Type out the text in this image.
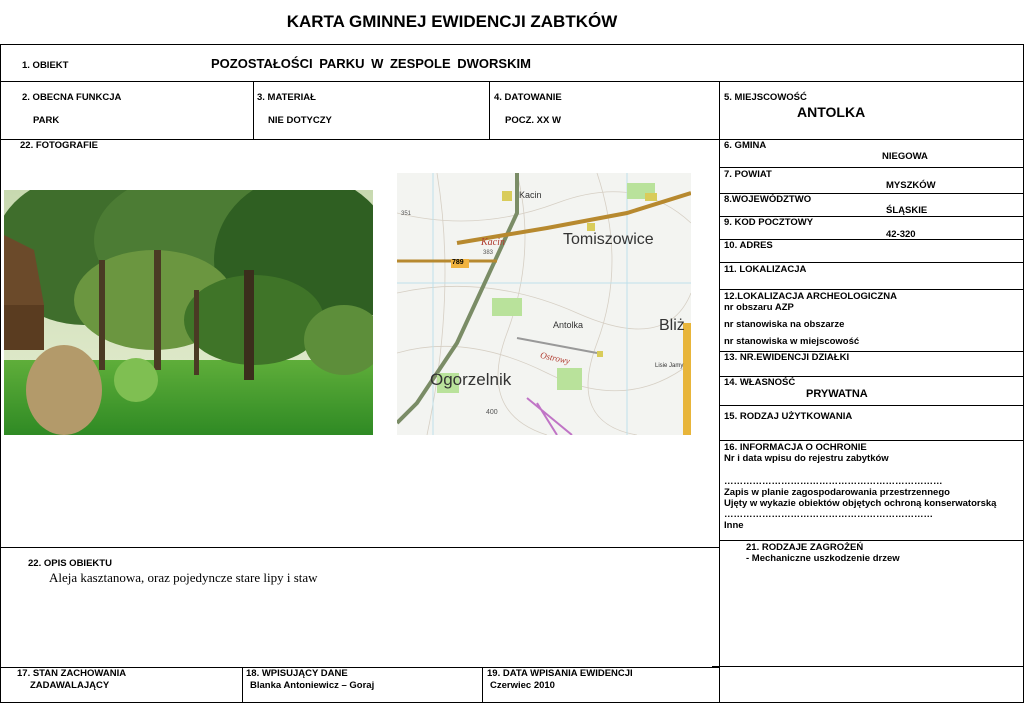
KARTA GMINNEJ EWIDENCJI ZABTKÓW
1. OBIEKT	POZOSTAŁOŚCI PARKU W ZESPOLE DWORSKIM
2. OBECNA FUNKCJA
PARK
3. MATERIAŁ
NIE DOTYCZY
4. DATOWANIE
POCZ. XX W
5. MIEJSCOWOŚĆ
ANTOLKA
22. FOTOGRAFIE
Kacin
Kacin	Tomiszowice
Antolka
Ostrowy
Ogorzelnik
Bliż
Lisie Jamy
789
383
351
400
6. GMINA
NIEGOWA
7. POWIAT
MYSZKÓW
8.WOJEWÓDZTWO
ŚLĄSKIE
9. KOD POCZTOWY
42-320
10. ADRES
11. LOKALIZACJA
12.LOKALIZACJA ARCHEOLOGICZNA
nr obszaru AZP
nr stanowiska na obszarze
nr stanowiska w miejscowość
13. NR.EWIDENCJI DZIAŁKI
14. WŁASNOŚĆ
PRYWATNA
15. RODZAJ UŻYTKOWANIA
16. INFORMACJA O OCHRONIE
Nr i data wpisu do rejestru zabytków
……………………………………………………………
Zapis w planie zagospodarowania przestrzennego
Ujęty w wykazie obiektów objętych ochroną konserwatorską
…………………………………………………………
Inne
21. RODZAJE ZAGROŻEŃ
- Mechaniczne uszkodzenie drzew
22. OPIS OBIEKTU
Aleja kasztanowa, oraz pojedyncze stare lipy i staw
17. STAN ZACHOWANIA
ZADAWALAJĄCY
18. WPISUJĄCY DANE
Blanka Antoniewicz – Goraj
19. DATA WPISANIA EWIDENCJI
Czerwiec 2010
